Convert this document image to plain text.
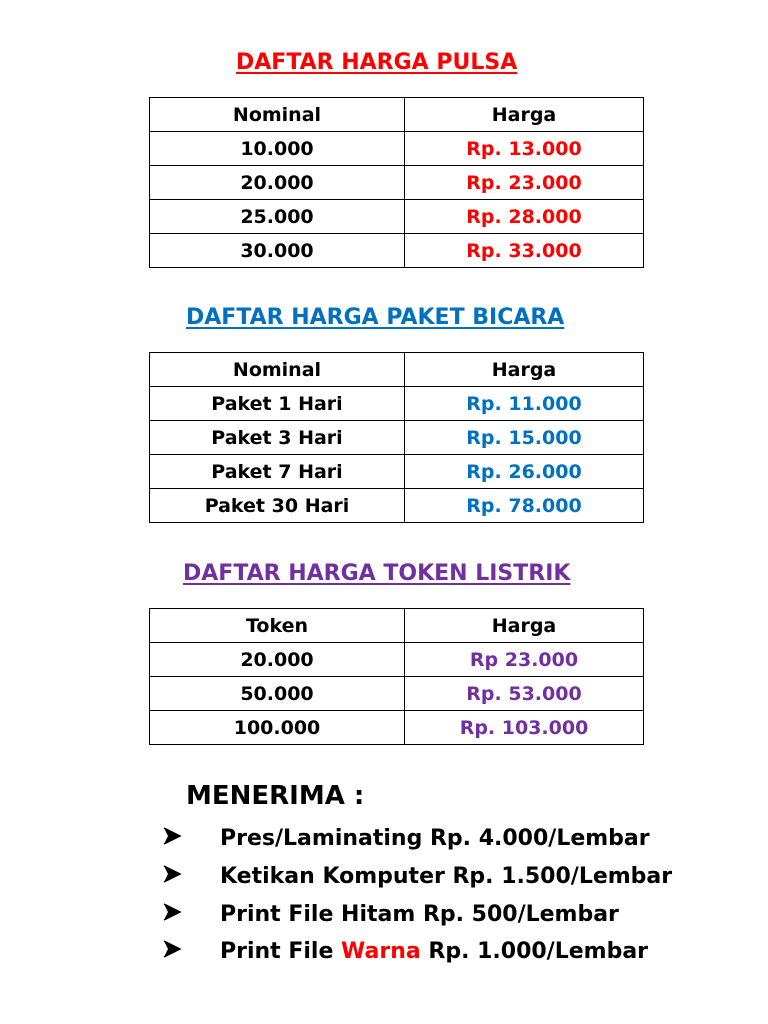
DAFTAR HARGA PULSA
Nominal	Harga
10.000	Rp. 13.000
20.000	Rp. 23.000
25.000	Rp. 28.000
30.000	Rp. 33.000
DAFTAR HARGA PAKET BICARA
Nominal	Harga
Paket 1 Hari	Rp. 11.000
Paket 3 Hari	Rp. 15.000
Paket 7 Hari	Rp. 26.000
Paket 30 Hari	Rp. 78.000
DAFTAR HARGA TOKEN LISTRIK
Token	Harga
20.000	Rp 23.000
50.000	Rp. 53.000
100.000	Rp. 103.000
MENERIMA :
Pres/Laminating Rp. 4.000/Lembar
Ketikan Komputer Rp. 1.500/Lembar
Print File Hitam Rp. 500/Lembar
Print File Warna Rp. 1.000/Lembar
